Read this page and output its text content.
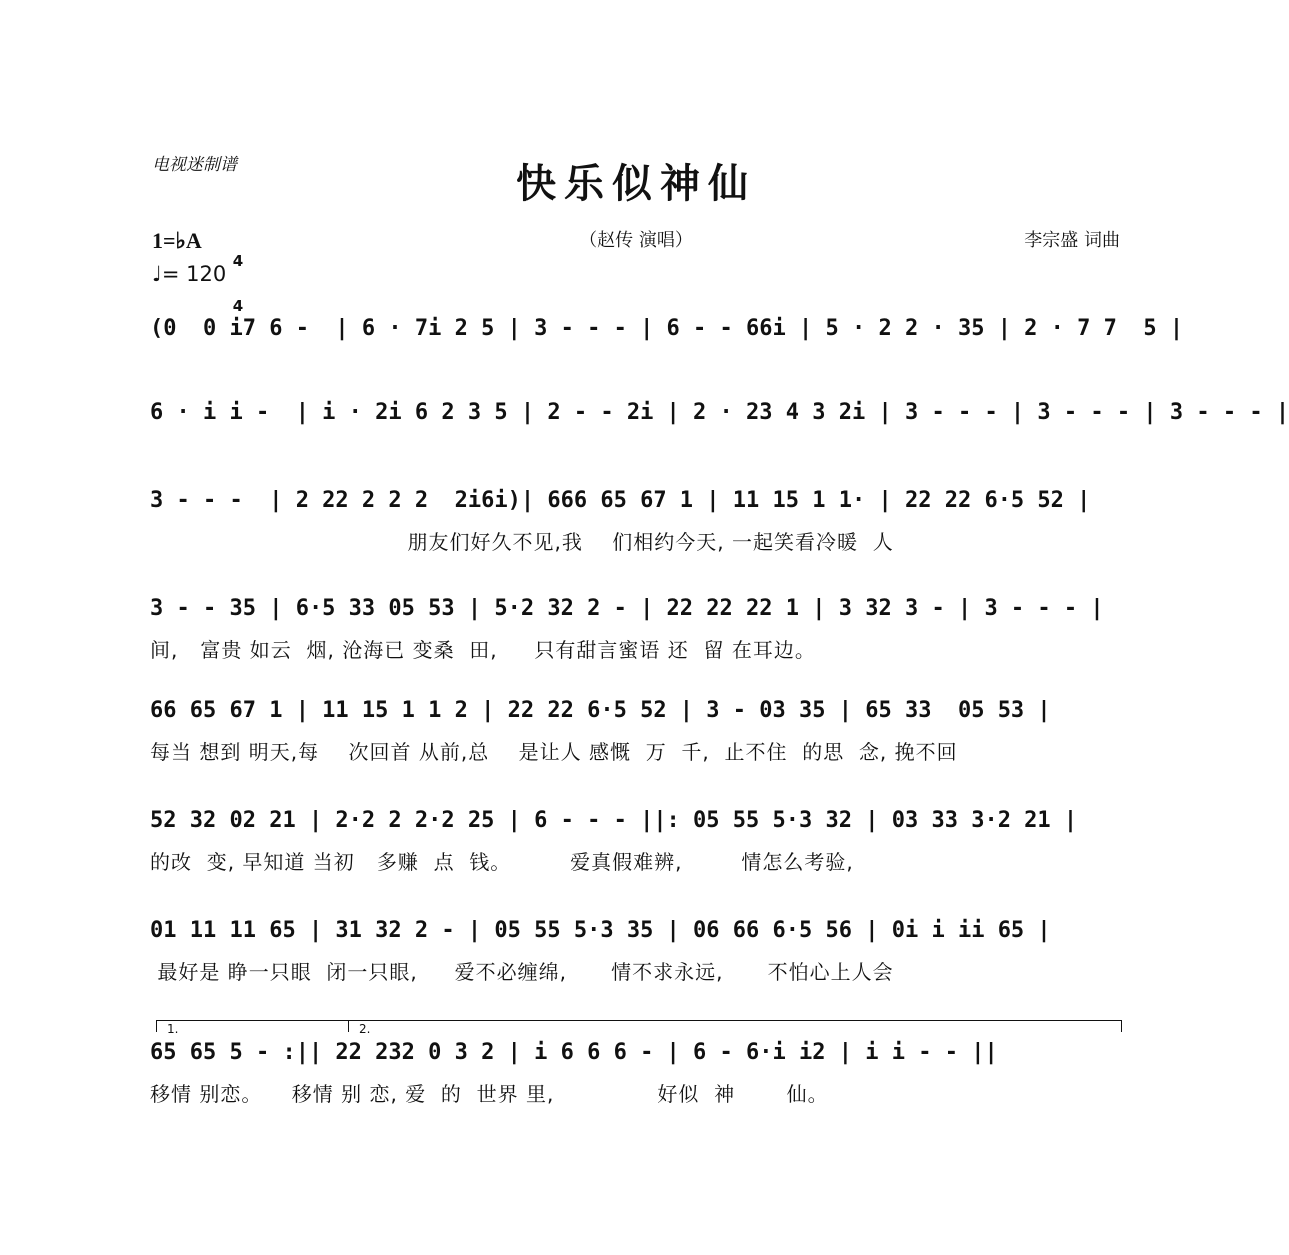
电视迷制谱	快乐似神仙
（赵传 演唱）	李宗盛 词曲
1=♭A

4

4

♩= 120
(0  0 i7 6 -  | 6 · 7i 2 5 | 3 - - - | 6 - - 66i | 5 · 2 2 · 35 | 2 · 7 7  5 |
6 · i i -  | i · 2i 6 2 3 5 | 2 - - 2i | 2 · 23 4 3 2i | 3 - - - | 3 - - - | 3 - - - |
3 - - -  | 2 22 2 2 2  2i6i)| 666 65 67 1 | 11 15 1 1· | 22 22 6·5 52 |
朋友们好久不见,我    们相约今天, 一起笑看冷暖  人
3 - - 35 | 6·5 33 05 53 | 5·2 32 2 - | 22 22 22 1 | 3 32 3 - | 3 - - - |
间,   富贵 如云  烟, 沧海已 变桑  田,     只有甜言蜜语 还  留 在耳边。
66 65 67 1 | 11 15 1 1 2 | 22 22 6·5 52 | 3 - 03 35 | 65 33  05 53 |
每当 想到 明天,每    次回首 从前,总    是让人 感慨  万  千,  止不住  的思  念, 挽不回
52 32 02 21 | 2·2 2 2·2 25 | 6 - - - ||: 05 55 5·3 32 | 03 33 3·2 21 |
的改  变, 早知道 当初   多赚  点  钱。        爱真假难辨,        情怎么考验,
01 11 11 65 | 31 32 2 - | 05 55 5·3 35 | 06 66 6·5 56 | 0i i ii 65 |
最好是 睁一只眼  闭一只眼,     爱不必缠绵,      情不求永远,      不怕心上人会
1.	2.
65 65 5 - :|| 22 232 0 3 2 | i 6 6 6 - | 6 - 6·i i2 | i i - - ||
移情 别恋。    移情 别 恋, 爱  的  世界 里,              好似  神       仙。
